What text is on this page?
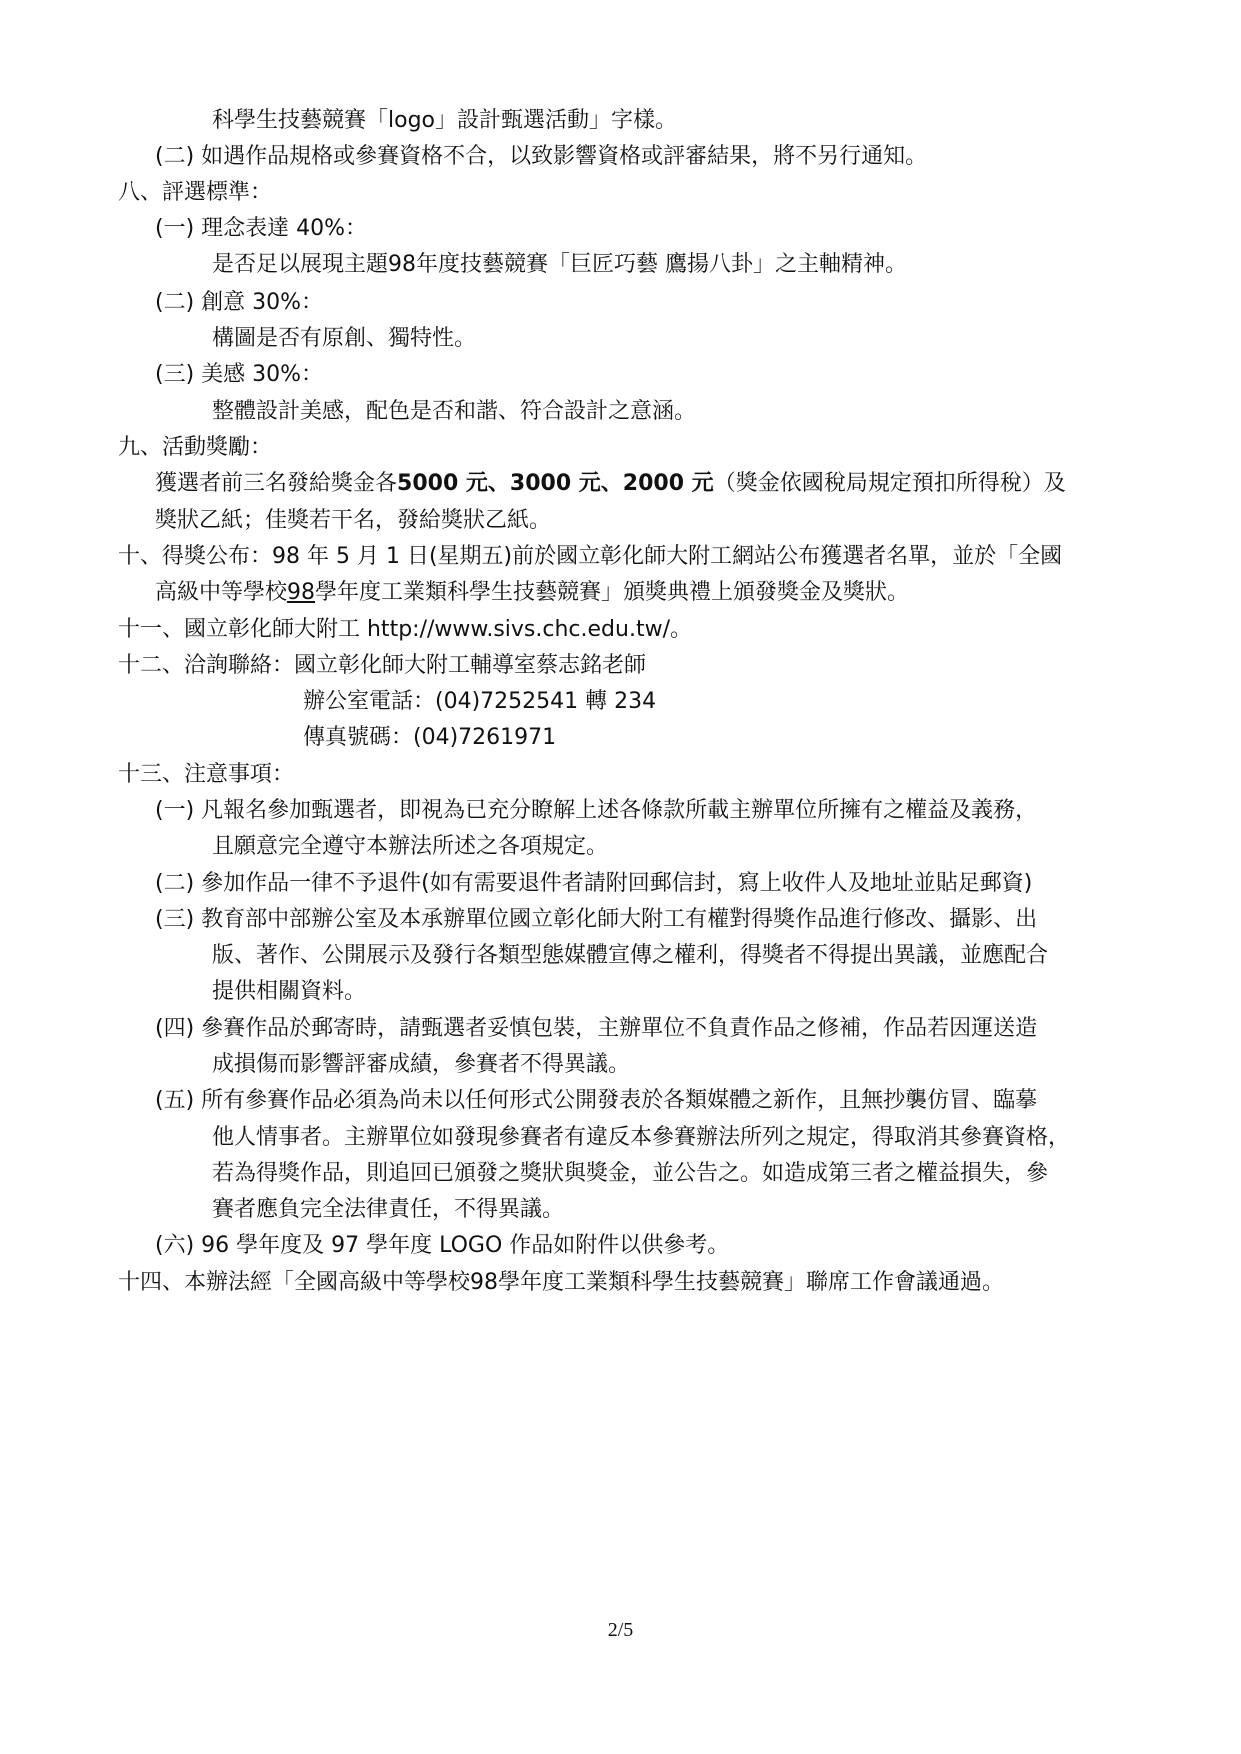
科學生技藝競賽「logo」設計甄選活動」字樣。
(二) 如遇作品規格或參賽資格不合，以致影響資格或評審結果，將不另行通知。
八、評選標準：
(一) 理念表達 40%：
是否足以展現主題98年度技藝競賽「巨匠巧藝 鷹揚八卦」之主軸精神。
(二) 創意 30%：
構圖是否有原創、獨特性。
(三) 美感 30%：
整體設計美感，配色是否和諧、符合設計之意涵。
九、活動獎勵：
獲選者前三名發給獎金各5000 元、3000 元、2000 元（獎金依國稅局規定預扣所得稅）及
獎狀乙紙；佳獎若干名，發給獎狀乙紙。
十、得獎公布：98 年 5 月 1 日(星期五)前於國立彰化師大附工網站公布獲選者名單，並於「全國
高級中等學校98學年度工業類科學生技藝競賽」頒獎典禮上頒發獎金及獎狀。
十一、國立彰化師大附工 http://www.sivs.chc.edu.tw/。
十二、洽詢聯絡：國立彰化師大附工輔導室蔡志銘老師
辦公室電話：(04)7252541 轉 234
傳真號碼：(04)7261971
十三、注意事項：
(一) 凡報名參加甄選者，即視為已充分瞭解上述各條款所載主辦單位所擁有之權益及義務，
且願意完全遵守本辦法所述之各項規定。
(二) 參加作品一律不予退件(如有需要退件者請附回郵信封，寫上收件人及地址並貼足郵資)
(三) 教育部中部辦公室及本承辦單位國立彰化師大附工有權對得獎作品進行修改、攝影、出
版、著作、公開展示及發行各類型態媒體宣傳之權利，得獎者不得提出異議，並應配合
提供相關資料。
(四) 參賽作品於郵寄時，請甄選者妥慎包裝，主辦單位不負責作品之修補，作品若因運送造
成損傷而影響評審成績，參賽者不得異議。
(五) 所有參賽作品必須為尚未以任何形式公開發表於各類媒體之新作，且無抄襲仿冒、臨摹
他人情事者。主辦單位如發現參賽者有違反本參賽辦法所列之規定，得取消其參賽資格，
若為得獎作品，則追回已頒發之獎狀與獎金，並公告之。如造成第三者之權益損失，參
賽者應負完全法律責任，不得異議。
(六) 96 學年度及 97 學年度 LOGO 作品如附件以供參考。
十四、本辦法經「全國高級中等學校98學年度工業類科學生技藝競賽」聯席工作會議通過。
2/5
